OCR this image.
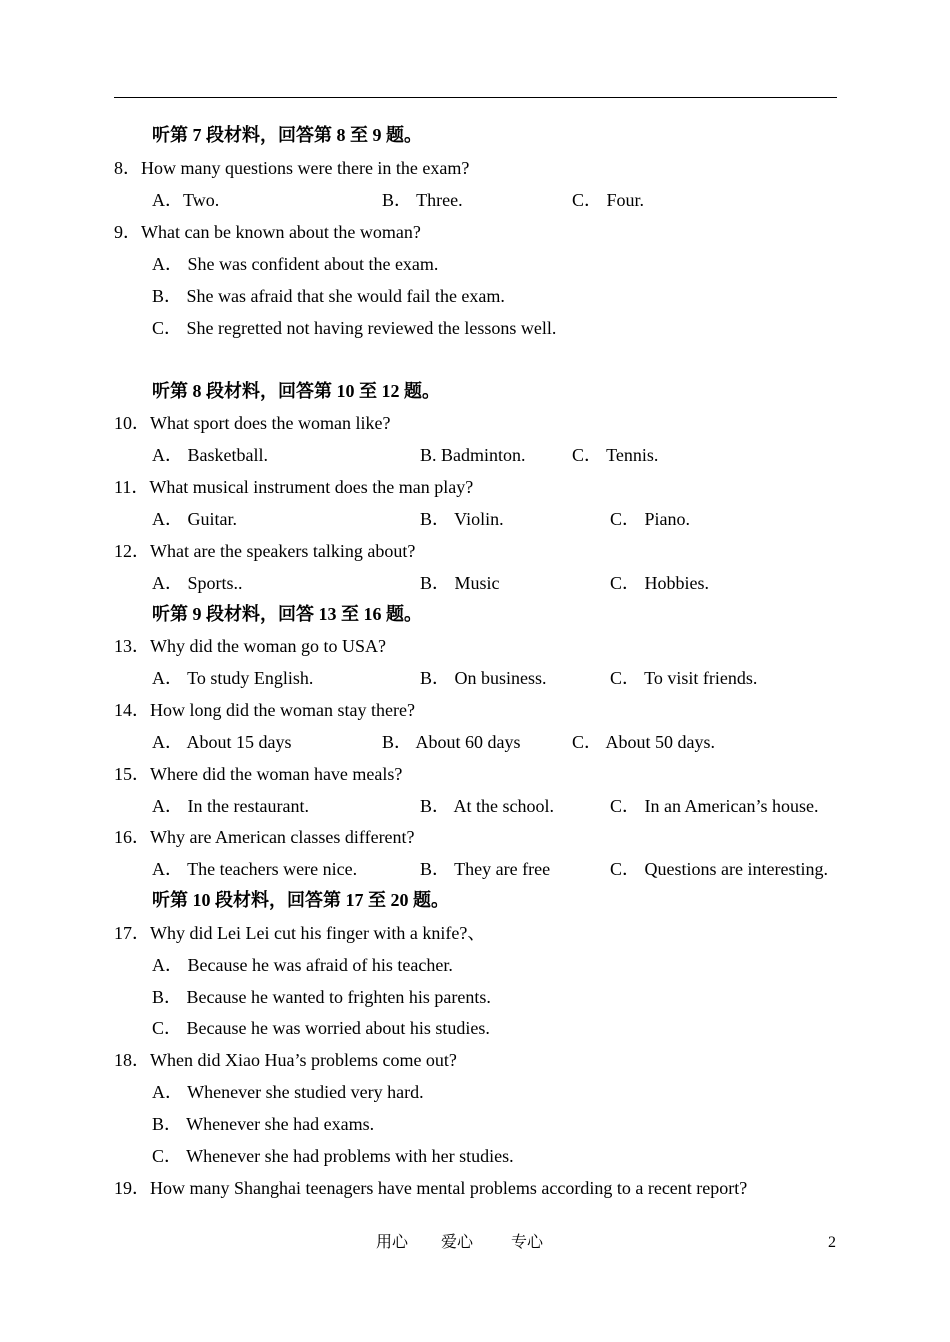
听第 7 段材料，回答第 8 至 9 题。
8．How many questions were there in the exam?
A．Two.	B． Three.	C． Four.
9．What can be known about the woman?
A． She was confident about the exam.
B． She was afraid that she would fail the exam.
C． She regretted not having reviewed the lessons well.
听第 8 段材料，回答第 10 至 12 题。
10．What sport does the woman like?
A． Basketball.	B. Badminton.	C． Tennis.
11．What musical instrument does the man play?
A． Guitar.	B． Violin.	C． Piano.
12．What are the speakers talking about?
A． Sports..	B． Music	C． Hobbies.
听第 9 段材料，回答 13 至 16 题。
13．Why did the woman go to USA?
A． To study English.	B． On business.	C． To visit friends.
14．How long did the woman stay there?
A． About 15 days	B． About 60 days	C． About 50 days.
15．Where did the woman have meals?
A． In the restaurant.	B． At the school.	C． In an American’s house.
16．Why are American classes different?
A． The teachers were nice.	B． They are free	C． Questions are interesting.
听第 10 段材料，回答第 17 至 20 题。
17．Why did Lei Lei cut his finger with a knife?、
A． Because he was afraid of his teacher.
B． Because he wanted to frighten his parents.
C． Because he was worried about his studies.
18．When did Xiao Hua’s problems come out?
A． Whenever she studied very hard.
B． Whenever she had exams.
C． Whenever she had problems with her studies.
19．How many Shanghai teenagers have mental problems according to a recent report?
用心 爱心 专心	2
